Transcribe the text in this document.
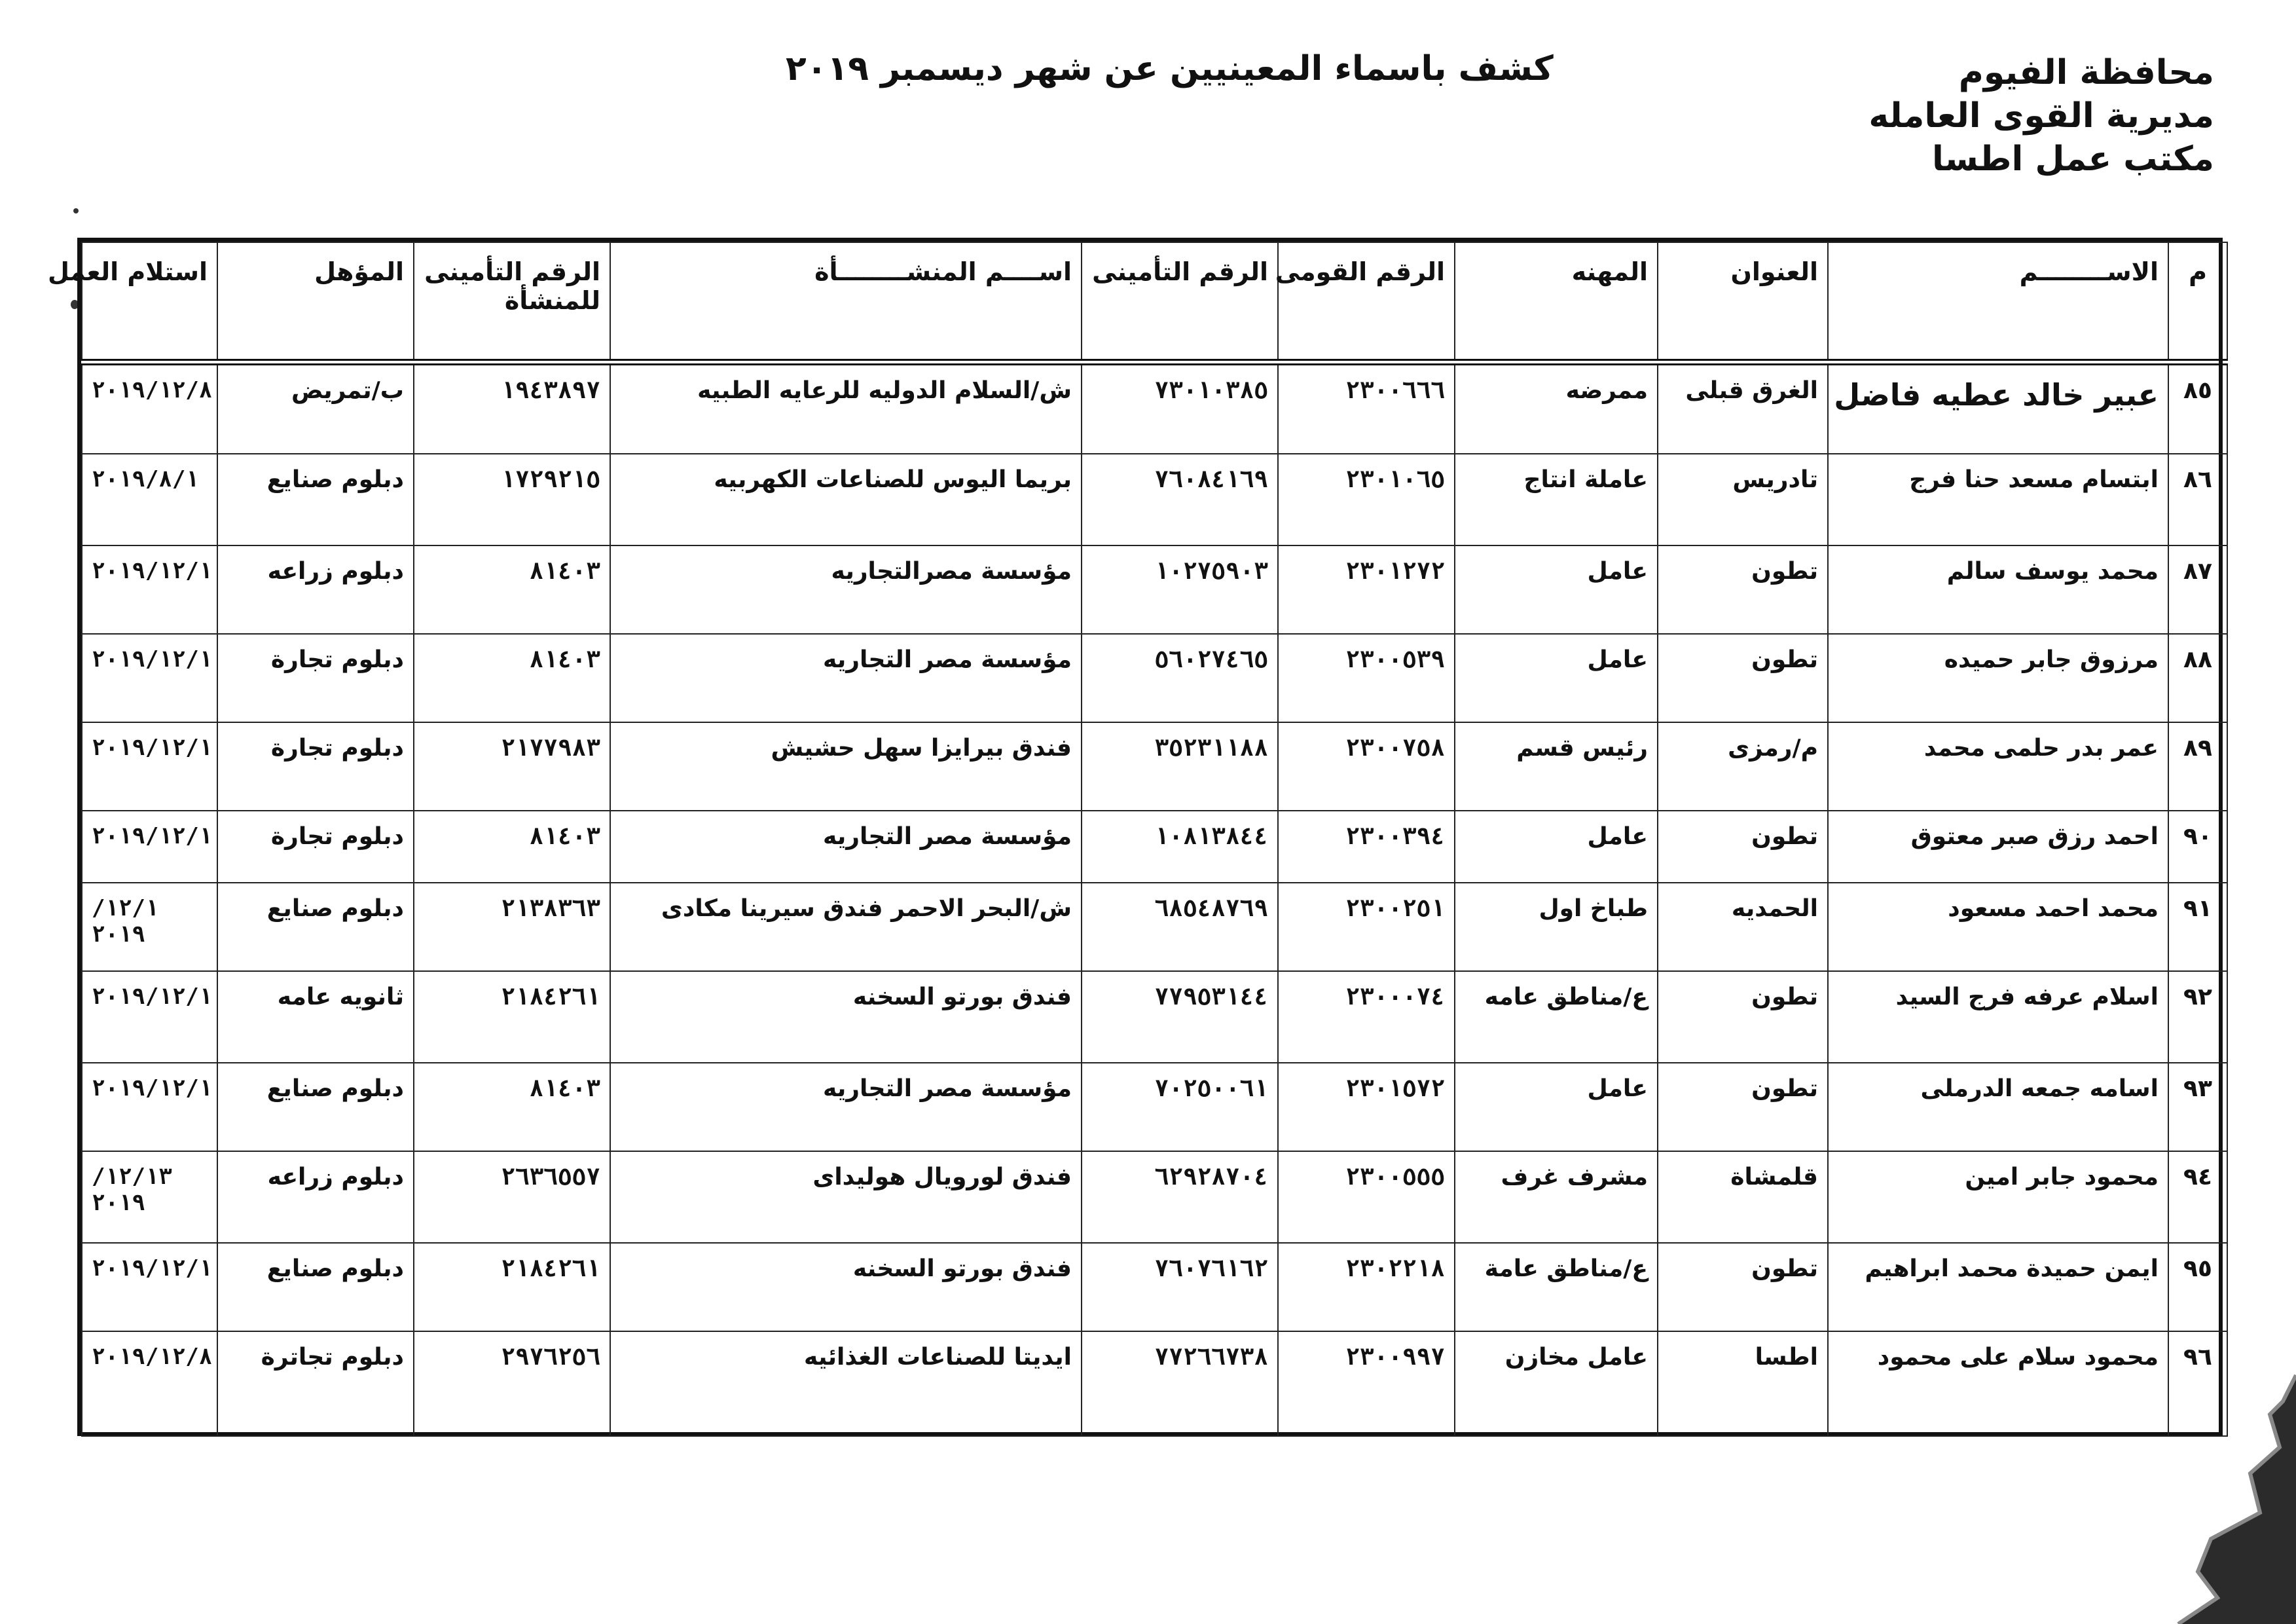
محافظة الفيوم
مديرية القوى العامله
مكتب عمل اطسا
كشف باسماء المعينيين عن شهر ديسمبر ٢٠١٩
م	الاســــــــم	العنوان	المهنه	الرقم القومى	الرقم التأمينى	اســــم المنشــــــــأة	الرقم التأمينى للمنشأة	المؤهل	استلام العمل
٨٥	عبير خالد عطيه فاضل	الغرق قبلى	ممرضه	٢٣٠٠٦٦٦	٧٣٠١٠٣٨٥	ش/السلام الدوليه للرعايه الطبيه	١٩٤٣٨٩٧	ب/تمريض	٢٠١٩/١٢/٨
٨٦	ابتسام مسعد حنا فرج	تادريس	عاملة انتاج	٢٣٠١٠٦٥	٧٦٠٨٤١٦٩	بريما اليوس للصناعات الكهربيه	١٧٢٩٢١٥	دبلوم صنايع	٢٠١٩/٨/١
٨٧	محمد يوسف سالم	تطون	عامل	٢٣٠١٢٧٢	١٠٢٧٥٩٠٣	مؤسسة مصرالتجاريه	٨١٤٠٣	دبلوم زراعه	٢٠١٩/١٢/١
٨٨	مرزوق جابر حميده	تطون	عامل	٢٣٠٠٥٣٩	٥٦٠٢٧٤٦٥	مؤسسة مصر التجاريه	٨١٤٠٣	دبلوم تجارة	٢٠١٩/١٢/١
٨٩	عمر بدر حلمى محمد	م/رمزى	رئيس قسم	٢٣٠٠٧٥٨	٣٥٢٣١١٨٨	فندق بيرايزا سهل حشيش	٢١٧٧٩٨٣	دبلوم تجارة	٢٠١٩/١٢/١
٩٠	احمد رزق صبر معتوق	تطون	عامل	٢٣٠٠٣٩٤	١٠٨١٣٨٤٤	مؤسسة مصر التجاريه	٨١٤٠٣	دبلوم تجارة	٢٠١٩/١٢/١
٩١	محمد احمد مسعود	الحمديه	طباخ اول	٢٣٠٠٢٥١	٦٨٥٤٨٧٦٩	ش/البحر الاحمر فندق سيرينا مكادى	٢١٣٨٣٦٣	دبلوم صنايع	/١٢/١ ٢٠١٩
٩٢	اسلام عرفه فرج السيد	تطون	ع/مناطق عامه	٢٣٠٠٠٧٤	٧٧٩٥٣١٤٤	فندق بورتو السخنه	٢١٨٤٢٦١	ثانويه عامه	٢٠١٩/١٢/١
٩٣	اسامه جمعه الدرملى	تطون	عامل	٢٣٠١٥٧٢	٧٠٢٥٠٠٦١	مؤسسة مصر التجاريه	٨١٤٠٣	دبلوم صنايع	٢٠١٩/١٢/١
٩٤	محمود جابر امين	قلمشاة	مشرف غرف	٢٣٠٠٥٥٥	٦٢٩٢٨٧٠٤	فندق لورويال هوليداى	٢٦٣٦٥٥٧	دبلوم زراعه	/١٢/١٣ ٢٠١٩
٩٥	ايمن حميدة محمد ابراهيم	تطون	ع/مناطق عامة	٢٣٠٢٢١٨	٧٦٠٧٦١٦٢	فندق بورتو السخنه	٢١٨٤٢٦١	دبلوم صنايع	٢٠١٩/١٢/١
٩٦	محمود سلام على محمود	اطسا	عامل مخازن	٢٣٠٠٩٩٧	٧٧٢٦٦٧٣٨	ايديتا للصناعات الغذائيه	٢٩٧٦٢٥٦	دبلوم تجاترة	٢٠١٩/١٢/٨
